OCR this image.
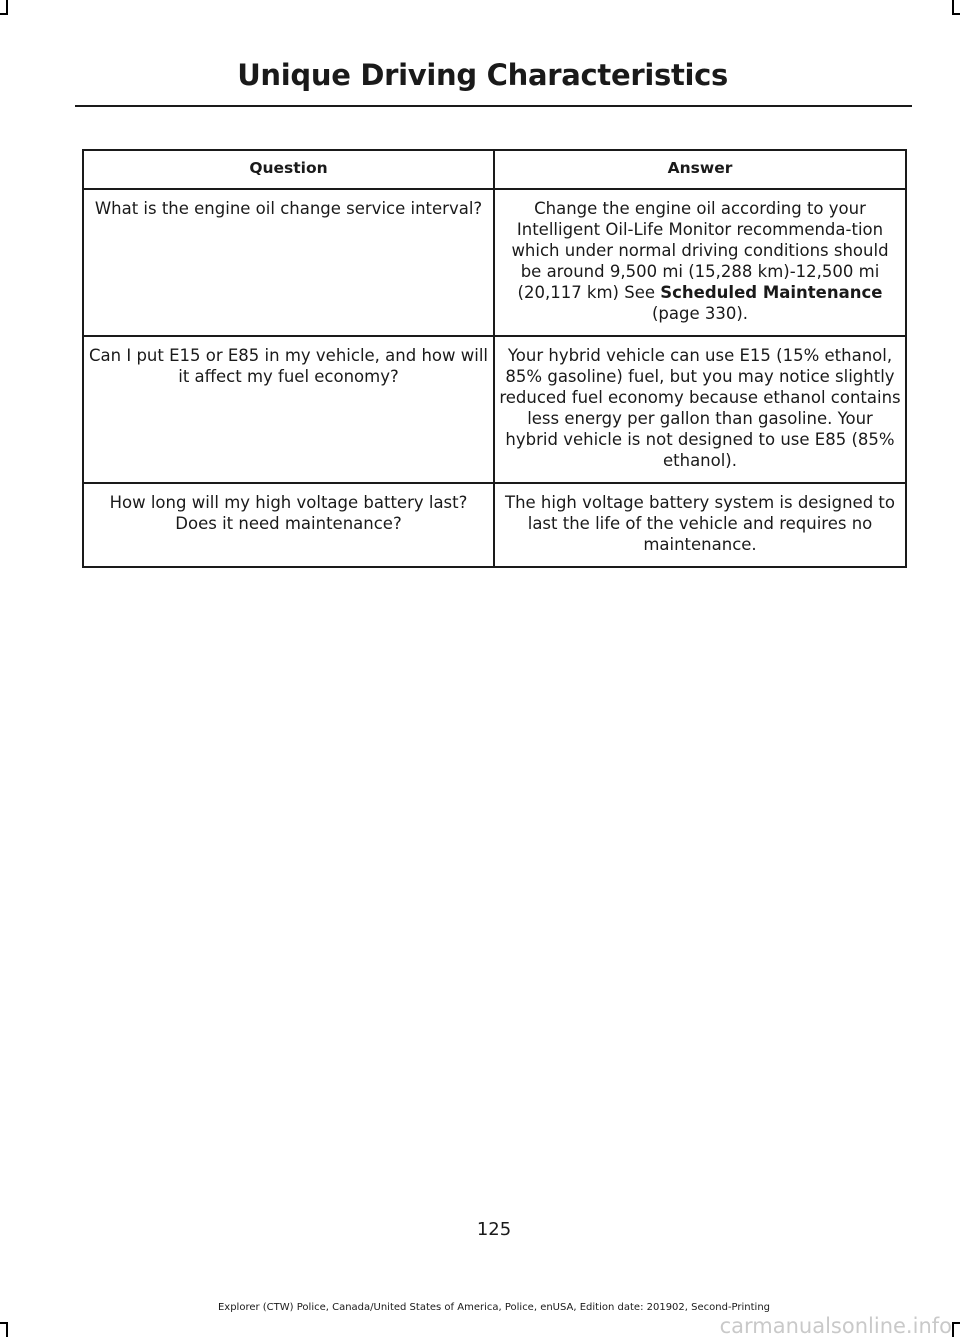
Unique Driving Characteristics
Question	Answer
What is the engine oil change service interval?	Change the engine oil according to your Intelligent Oil-Life Monitor recommenda-tion which under normal driving conditions should be around 9,500 mi (15,288 km)-12,500 mi (20,117 km) See Scheduled Maintenance (page 330).
Can I put E15 or E85 in my vehicle, and how will it affect my fuel economy?	Your hybrid vehicle can use E15 (15% ethanol, 85% gasoline) fuel, but you may notice slightly reduced fuel economy because ethanol contains less energy per gallon than gasoline. Your hybrid vehicle is not designed to use E85 (85% ethanol).
How long will my high voltage battery last? Does it need maintenance?	The high voltage battery system is designed to last the life of the vehicle and requires no maintenance.
125
Explorer (CTW) Police, Canada/United States of America, Police, enUSA, Edition date: 201902, Second-Printing
carmanualsonline.info
